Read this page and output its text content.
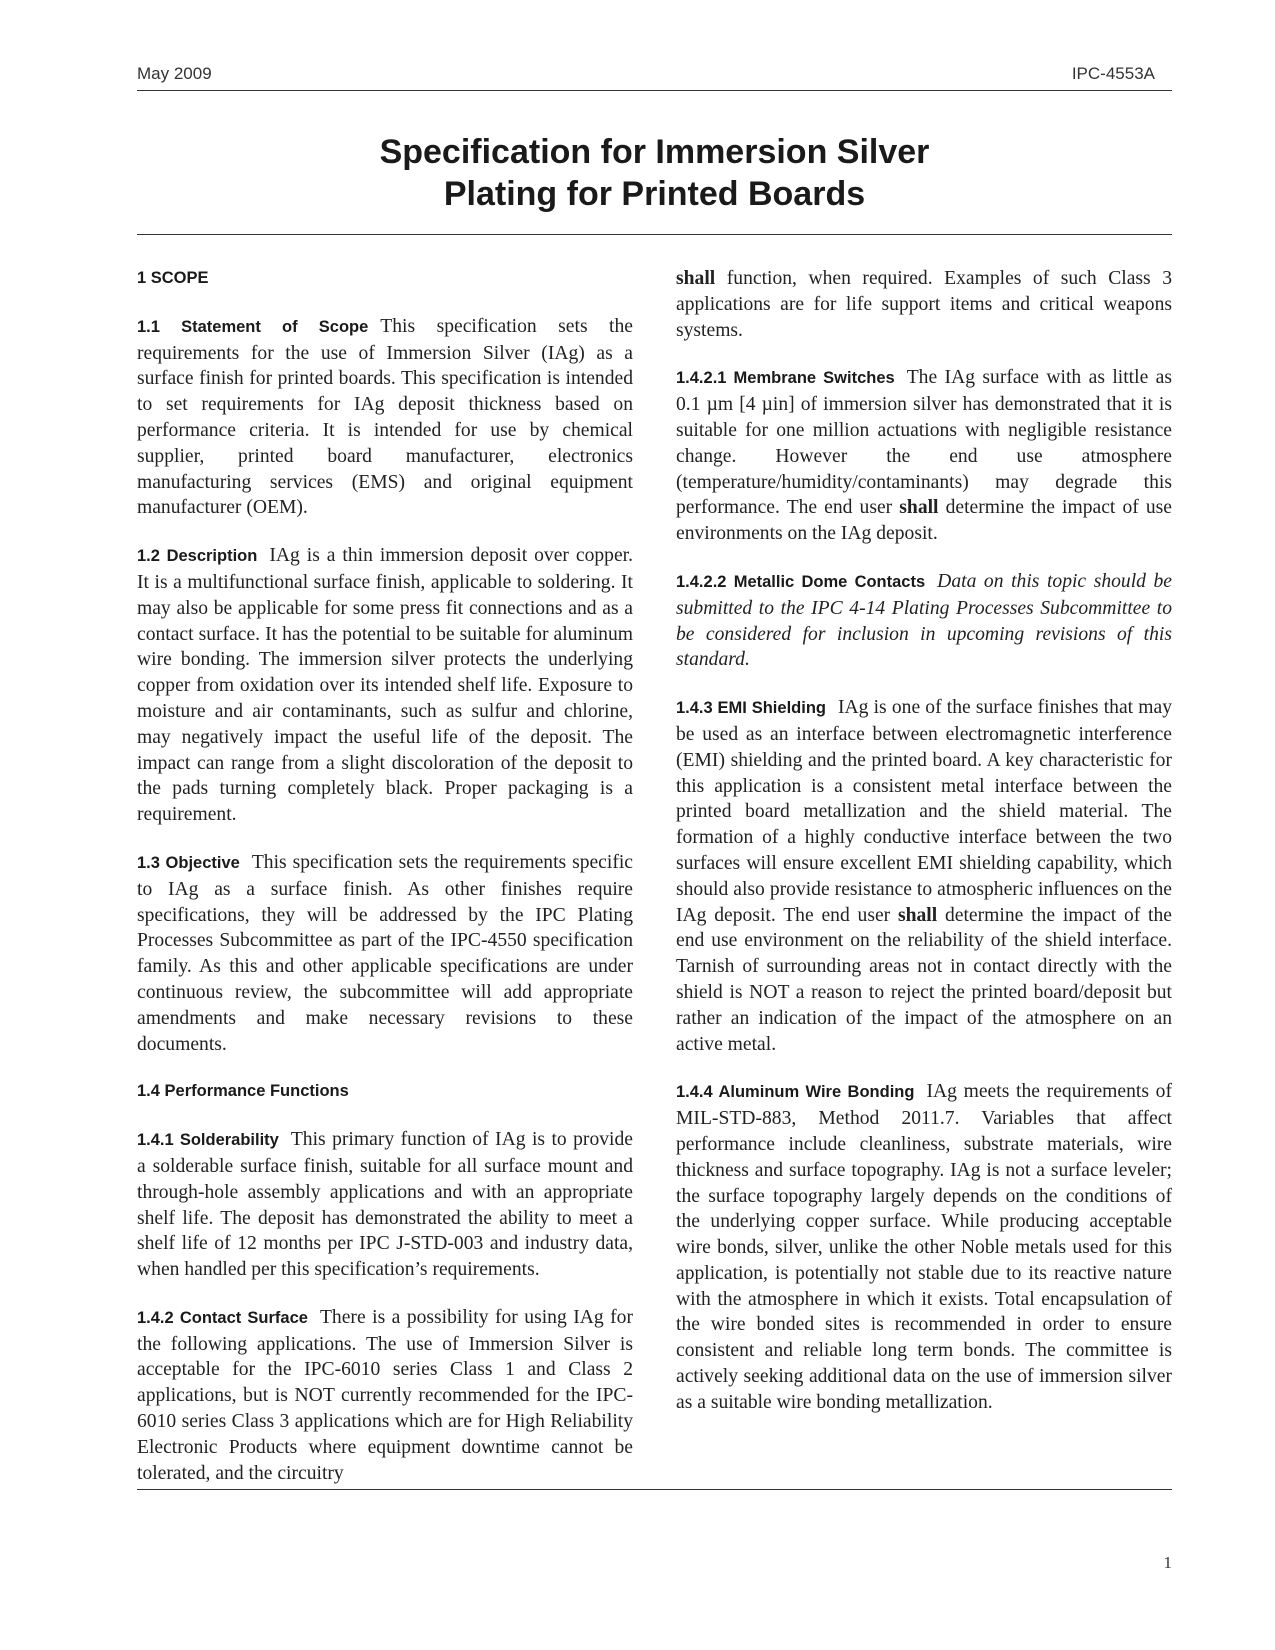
May 2009	IPC-4553A
Specification for Immersion Silver
Plating for Printed Boards
1 SCOPE

1.1 Statement of Scope This specification sets the requirements for the use of Immersion Silver (IAg) as a surface finish for printed boards. This specification is intended to set requirements for IAg deposit thickness based on performance criteria. It is intended for use by chemical supplier, printed board manufacturer, electronics manufacturing services (EMS) and original equipment manufacturer (OEM).

1.2 Description IAg is a thin immersion deposit over copper. It is a multifunctional surface finish, applicable to soldering. It may also be applicable for some press fit connections and as a contact surface. It has the potential to be suitable for aluminum wire bonding. The immersion silver protects the underlying copper from oxidation over its intended shelf life. Exposure to moisture and air contaminants, such as sulfur and chlorine, may negatively impact the useful life of the deposit. The impact can range from a slight discoloration of the deposit to the pads turning completely black. Proper packaging is a requirement.

1.3 Objective This specification sets the requirements specific to IAg as a surface finish. As other finishes require specifications, they will be addressed by the IPC Plating Processes Subcommittee as part of the IPC-4550 specification family. As this and other applicable specifications are under continuous review, the subcommittee will add appropriate amendments and make necessary revisions to these documents.

1.4 Performance Functions

1.4.1 Solderability This primary function of IAg is to provide a solderable surface finish, suitable for all surface mount and through-hole assembly applications and with an appropriate shelf life. The deposit has demonstrated the ability to meet a shelf life of 12 months per IPC J-STD-003 and industry data, when handled per this specification’s requirements.

1.4.2 Contact Surface There is a possibility for using IAg for the following applications. The use of Immersion Silver is acceptable for the IPC-6010 series Class 1 and Class 2 applications, but is NOT currently recommended for the IPC-6010 series Class 3 applications which are for High Reliability Electronic Products where equipment downtime cannot be tolerated, and the circuitry

shall function, when required. Examples of such Class 3 applications are for life support items and critical weapons systems.

1.4.2.1 Membrane Switches The IAg surface with as little as 0.1 µm [4 µin] of immersion silver has demonstrated that it is suitable for one million actuations with negligible resistance change. However the end use atmosphere (temperature/humidity/contaminants) may degrade this performance. The end user shall determine the impact of use environments on the IAg deposit.

1.4.2.2 Metallic Dome Contacts Data on this topic should be submitted to the IPC 4-14 Plating Processes Subcommittee to be considered for inclusion in upcoming revisions of this standard.

1.4.3 EMI Shielding IAg is one of the surface finishes that may be used as an interface between electromagnetic interference (EMI) shielding and the printed board. A key characteristic for this application is a consistent metal interface between the printed board metallization and the shield material. The formation of a highly conductive interface between the two surfaces will ensure excellent EMI shielding capability, which should also provide resistance to atmospheric influences on the IAg deposit. The end user shall determine the impact of the end use environment on the reliability of the shield interface. Tarnish of surrounding areas not in contact directly with the shield is NOT a reason to reject the printed board/deposit but rather an indication of the impact of the atmosphere on an active metal.

1.4.4 Aluminum Wire Bonding IAg meets the requirements of MIL-STD-883, Method 2011.7. Variables that affect performance include cleanliness, substrate materials, wire thickness and surface topography. IAg is not a surface leveler; the surface topography largely depends on the conditions of the underlying copper surface. While producing acceptable wire bonds, silver, unlike the other Noble metals used for this application, is potentially not stable due to its reactive nature with the atmosphere in which it exists. Total encapsulation of the wire bonded sites is recommended in order to ensure consistent and reliable long term bonds. The committee is actively seeking additional data on the use of immersion silver as a suitable wire bonding metallization.

1
